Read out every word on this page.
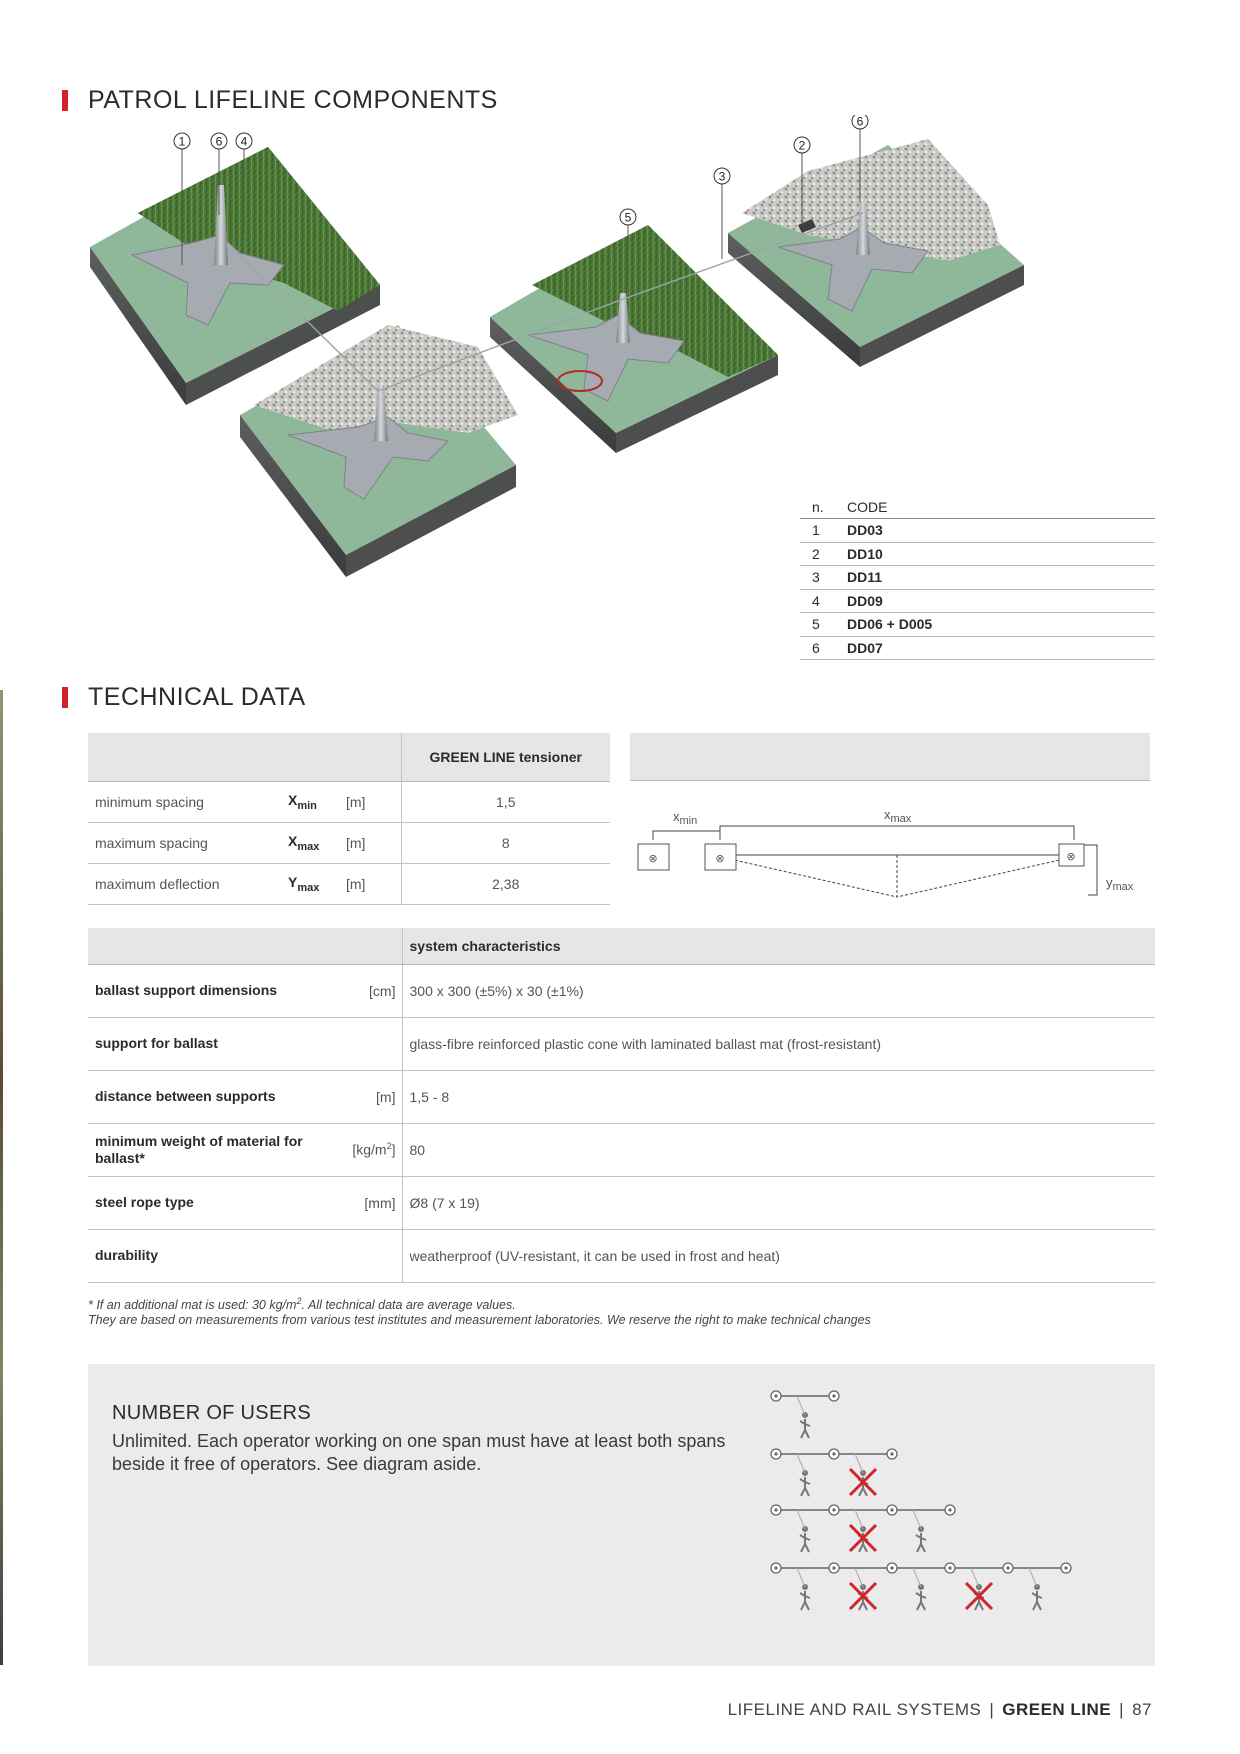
PATROL LIFELINE COMPONENTS
1	6 4	2
6
3
5
n.	CODE
1	DD03
2	DD10
3	DD11
4	DD09
5	DD06 + D005
6	DD07
TECHNICAL DATA
			GREEN LINE tensioner
minimum spacing	$X_{min}$	[m]	1,5
maximum spacing	$X_{max}$	[m]	8
maximum deflection	$Y_{max}$	[m]	2,38
$x_{min}$	$x_{max}$
$y_{max}$
⊗	⊗	⊗
		system characteristics
ballast support dimensions	[cm]	300 x 300 (±5%) x 30 (±1%)
support for ballast		glass-fibre reinforced plastic cone with laminated ballast mat (frost-resistant)
distance between supports	[m]	1,5 - 8
minimum weight of material for ballast*	$[kg/m^2]$	80
steel rope type	[mm]	Ø8 (7 x 19)
durability		weatherproof (UV-resistant, it can be used in frost and heat)
* If an additional mat is used: 30 $kg/m^2$. All technical data are average values.
They are based on measurements from various test institutes and measurement laboratories. We reserve the right to make technical changes
NUMBER OF USERS
Unlimited. Each operator working on one span must have at least both spans beside it free of operators. See diagram aside.
LIFELINE AND RAIL SYSTEMS | GREEN LINE | 87
